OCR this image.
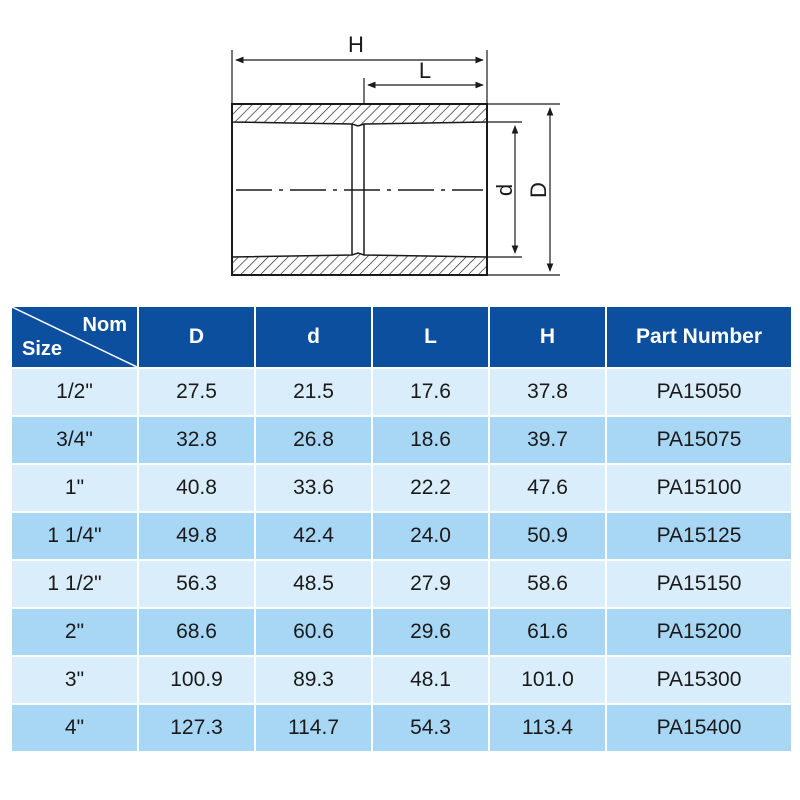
H
L
d D
Nom
Size	D	d	L	H	Part Number
1/2"	27.5	21.5	17.6	37.8	PA15050
3/4"	32.8	26.8	18.6	39.7	PA15075
1"	40.8	33.6	22.2	47.6	PA15100
1 1/4"	49.8	42.4	24.0	50.9	PA15125
1 1/2"	56.3	48.5	27.9	58.6	PA15150
2"	68.6	60.6	29.6	61.6	PA15200
3"	100.9	89.3	48.1	101.0	PA15300
4"	127.3	114.7	54.3	113.4	PA15400
